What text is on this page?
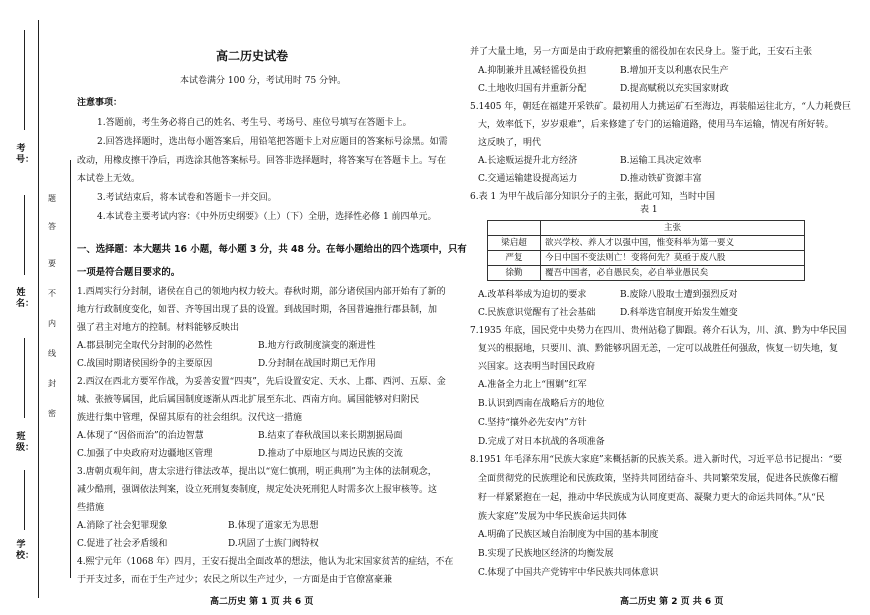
考号：
姓名：
班级：
学校：
题
答
要
不
内
线
封
密
高二历史试卷
本试卷满分 100 分，考试用时 75 分钟。
注意事项：
1.答题前，考生务必将自己的姓名、考生号、考场号、座位号填写在答题卡上。
2.回答选择题时，选出每小题答案后，用铅笔把答题卡上对应题目的答案标号涂黑。如需
改动，用橡皮擦干净后，再选涂其他答案标号。回答非选择题时，将答案写在答题卡上。写在
本试卷上无效。
3.考试结束后，将本试卷和答题卡一并交回。
4.本试卷主要考试内容：《中外历史纲要》（上）（下）全册，选择性必修 1 前四单元。
一、选择题：本大题共 16 小题，每小题 3 分，共 48 分。在每小题给出的四个选项中，只有
一项是符合题目要求的。
1.西周实行分封制，诸侯在自己的领地内权力较大。春秋时期，部分诸侯国内部开始有了新的
地方行政制度变化，如晋、齐等国出现了县的设置。到战国时期，各国普遍推行郡县制，加
强了君主对地方的控制。材料能够反映出
A.郡县制完全取代分封制的必然性	B.地方行政制度演变的渐进性
C.战国时期诸侯国纷争的主要原因	D.分封制在战国时期已无作用
2.西汉在西北方要军作战，为妥善安置“四夷”，先后设置安定、天水、上郡、西河、五原、金
城、张掖等属国，此后属国制度逐渐从西北扩展至东北、西南方向。属国能够对归附民
族进行集中管理，保留其原有的社会组织。汉代这一措施
A.体现了“因俗而治”的治边智慧	B.结束了春秋战国以来长期割据局面
C.加强了中央政府对边疆地区管理	D.推动了中原地区与周边民族的交流
3.唐朝贞观年间，唐太宗进行律法改革，提出以“宽仁慎刑，明正典刑”为主体的法制观念，
减少酷刑，强调依法判案，设立死刑复奏制度，规定处决死刑犯人时需多次上报审核等。这
些措施
A.消除了社会犯罪现象	B.体现了道家无为思想
C.促进了社会矛盾缓和	D.巩固了士族门阀特权
4.熙宁元年（1068 年）四月，王安石提出全面改革的想法，他认为北宋国家贫苦的症结，不在
于开支过多，而在于生产过少；农民之所以生产过少，一方面是由于官僚富豪兼
高二历史 第 1 页 共 6 页
并了大量土地，另一方面是由于政府把繁重的徭役加在农民身上。鉴于此，王安石主张
A.抑制兼并且减轻徭役负担	B.增加开支以利惠农民生产
C.土地收归国有并重新分配	D.提高赋税以充实国家财政
5.1405 年，朝廷在福建开采铁矿。最初用人力挑运矿石至海边，再装船运往北方，“人力耗费巨
大，效率低下，岁岁艰难”，后来修建了专门的运输道路，使用马车运输，情况有所好转。
这反映了，明代
A.长途贩运提升北方经济	B.运输工具决定效率
C.交通运输建设提高运力	D.推动铁矿资源丰富
6.表 1 为甲午战后部分知识分子的主张，据此可知，当时中国
表 1
	主张
梁启超	欲兴学校、养人才以强中国，惟变科举为第一要义
严复	今日中国不变法则亡！变将何先？莫亟于废八股
徐勤	覆吾中国者，必自愚民矣，必自举业愚民矣
A.改革科举成为迫切的要求	B.废除八股取士遭到强烈反对
C.民族意识觉醒有了社会基础	D.科举选官制度开始发生嬗变
7.1935 年底，国民党中央势力在四川、贵州站稳了脚跟。蒋介石认为，川、滇、黔为中华民国
复兴的根据地，只要川、滇、黔能够巩固无恙，一定可以战胜任何强敌，恢复一切失地，复
兴国家。这表明当时国民政府
A.准备全力北上“围剿”红军
B.认识到西南在战略后方的地位
C.坚持“攘外必先安内”方针
D.完成了对日本抗战的各项准备
8.1951 年毛泽东用“民族大家庭”来概括新的民族关系。进入新时代，习近平总书记提出：“要
全面贯彻党的民族理论和民族政策，坚持共同团结奋斗、共同繁荣发展，促进各民族像石榴
籽一样紧紧抱在一起，推动中华民族成为认同度更高、凝聚力更大的命运共同体。”从“民
族大家庭”发展为中华民族命运共同体
A.明确了民族区域自治制度为中国的基本制度
B.实现了民族地区经济的均衡发展
C.体现了中国共产党铸牢中华民族共同体意识
高二历史 第 2 页 共 6 页
